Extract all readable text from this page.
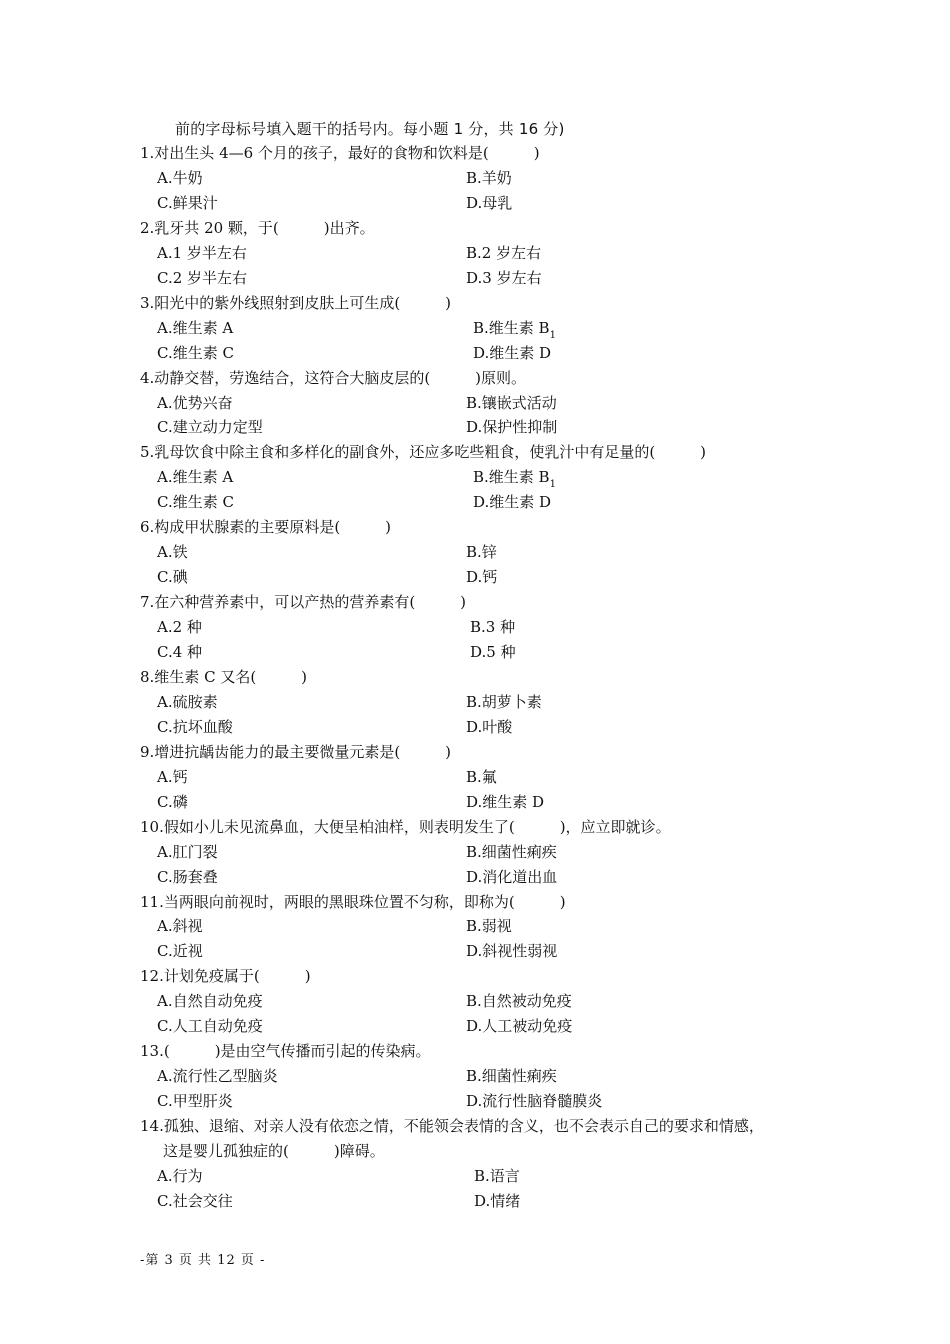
前的字母标号填入题干的括号内。每小题 1 分，共 16 分)
1.对出生头 4—6 个月的孩子，最好的食物和饮料是(　　　)
A.牛奶	B.羊奶
C.鲜果汁	D.母乳
2.乳牙共 20 颗，于(　　　)出齐。
A.1 岁半左右	B.2 岁左右
C.2 岁半左右	D.3 岁左右
3.阳光中的紫外线照射到皮肤上可生成(　　　)
A.维生素 A	B.维生素 $B_1$
C.维生素 C	D.维生素 D
4.动静交替，劳逸结合，这符合大脑皮层的(　　　)原则。
A.优势兴奋	B.镶嵌式活动
C.建立动力定型	D.保护性抑制
5.乳母饮食中除主食和多样化的副食外，还应多吃些粗食，使乳汁中有足量的(　　　)
A.维生素 A	B.维生素 $B_1$
C.维生素 C	D.维生素 D
6.构成甲状腺素的主要原料是(　　　)
A.铁	B.锌
C.碘	D.钙
7.在六种营养素中，可以产热的营养素有(　　　)
A.2 种	B.3 种
C.4 种	D.5 种
8.维生素 C 又名(　　　)
A.硫胺素	B.胡萝卜素
C.抗坏血酸	D.叶酸
9.增进抗龋齿能力的最主要微量元素是(　　　)
A.钙	B.氟
C.磷	D.维生素 D
10.假如小儿未见流鼻血，大便呈柏油样，则表明发生了(　　　)，应立即就诊。
A.肛门裂	B.细菌性痢疾
C.肠套叠	D.消化道出血
11.当两眼向前视时，两眼的黑眼珠位置不匀称，即称为(　　　)
A.斜视	B.弱视
C.近视	D.斜视性弱视
12.计划免疫属于(　　　)
A.自然自动免疫	B.自然被动免疫
C.人工自动免疫	D.人工被动免疫
13.(　　　)是由空气传播而引起的传染病。
A.流行性乙型脑炎	B.细菌性痢疾
C.甲型肝炎	D.流行性脑脊髓膜炎
14.孤独、退缩、对亲人没有依恋之情，不能领会表情的含义，也不会表示自己的要求和情感，
这是婴儿孤独症的(　　　)障碍。
A.行为	B.语言
C.社会交往	D.情绪
-第 3 页 共 12 页 -
